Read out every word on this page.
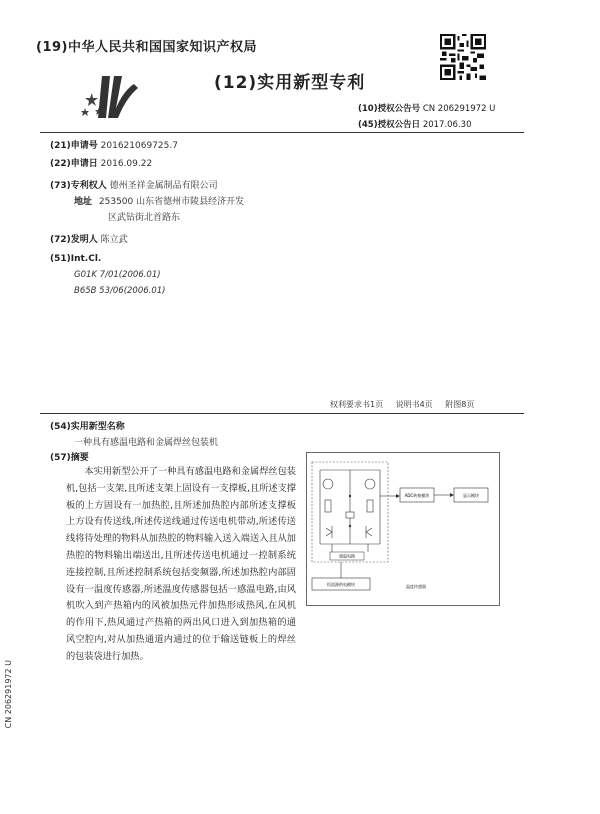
(19)中华人民共和国国家知识产权局
(12)实用新型专利
(10)授权公告号 CN 206291972 U
(45)授权公告日 2017.06.30
(21)申请号 201621069725.7
(22)申请日 2016.09.22
(73)专利权人 德州圣祥金属制品有限公司
地址 253500 山东省德州市陵县经济开发
区武钻街北首路东
(72)发明人 陈立武
(51)Int.Cl.
G01K 7/01(2006.01)
B65B 53/06(2006.01)
权利要求书1页 说明书4页 附图8页
(54)实用新型名称
一种具有感温电路和金属焊丝包装机
(57)摘要

本实用新型公开了一种具有感温电路和金属焊丝包装机,包括一支架,且所述支架上固设有一支撑板,且所述支撑板的上方固设有一加热腔,且所述加热腔内部所述支撑板上方设有传送线,所述传送线通过传送电机带动,所述传送线将待处理的物料从加热腔的物料输入送入端送入且从加热腔的物料输出端送出,且所述传送电机通过一控制系统连接控制,且所述控制系统包括变频器,所述加热腔内部固设有一温度传感器,所述温度传感器包括一感温电路,由风机吹入到产热箱内的风被加热元件加热形成热风,在风机的作用下,热风通过产热箱的两出风口进入到加热箱的通风空腔内,对从加热通道内通过的位于输送链板上的焊丝的包装袋进行加热。

CN 206291972 U
感温电路
ADC转换模块	显示模块
恒流源供电模块	温度传感器
